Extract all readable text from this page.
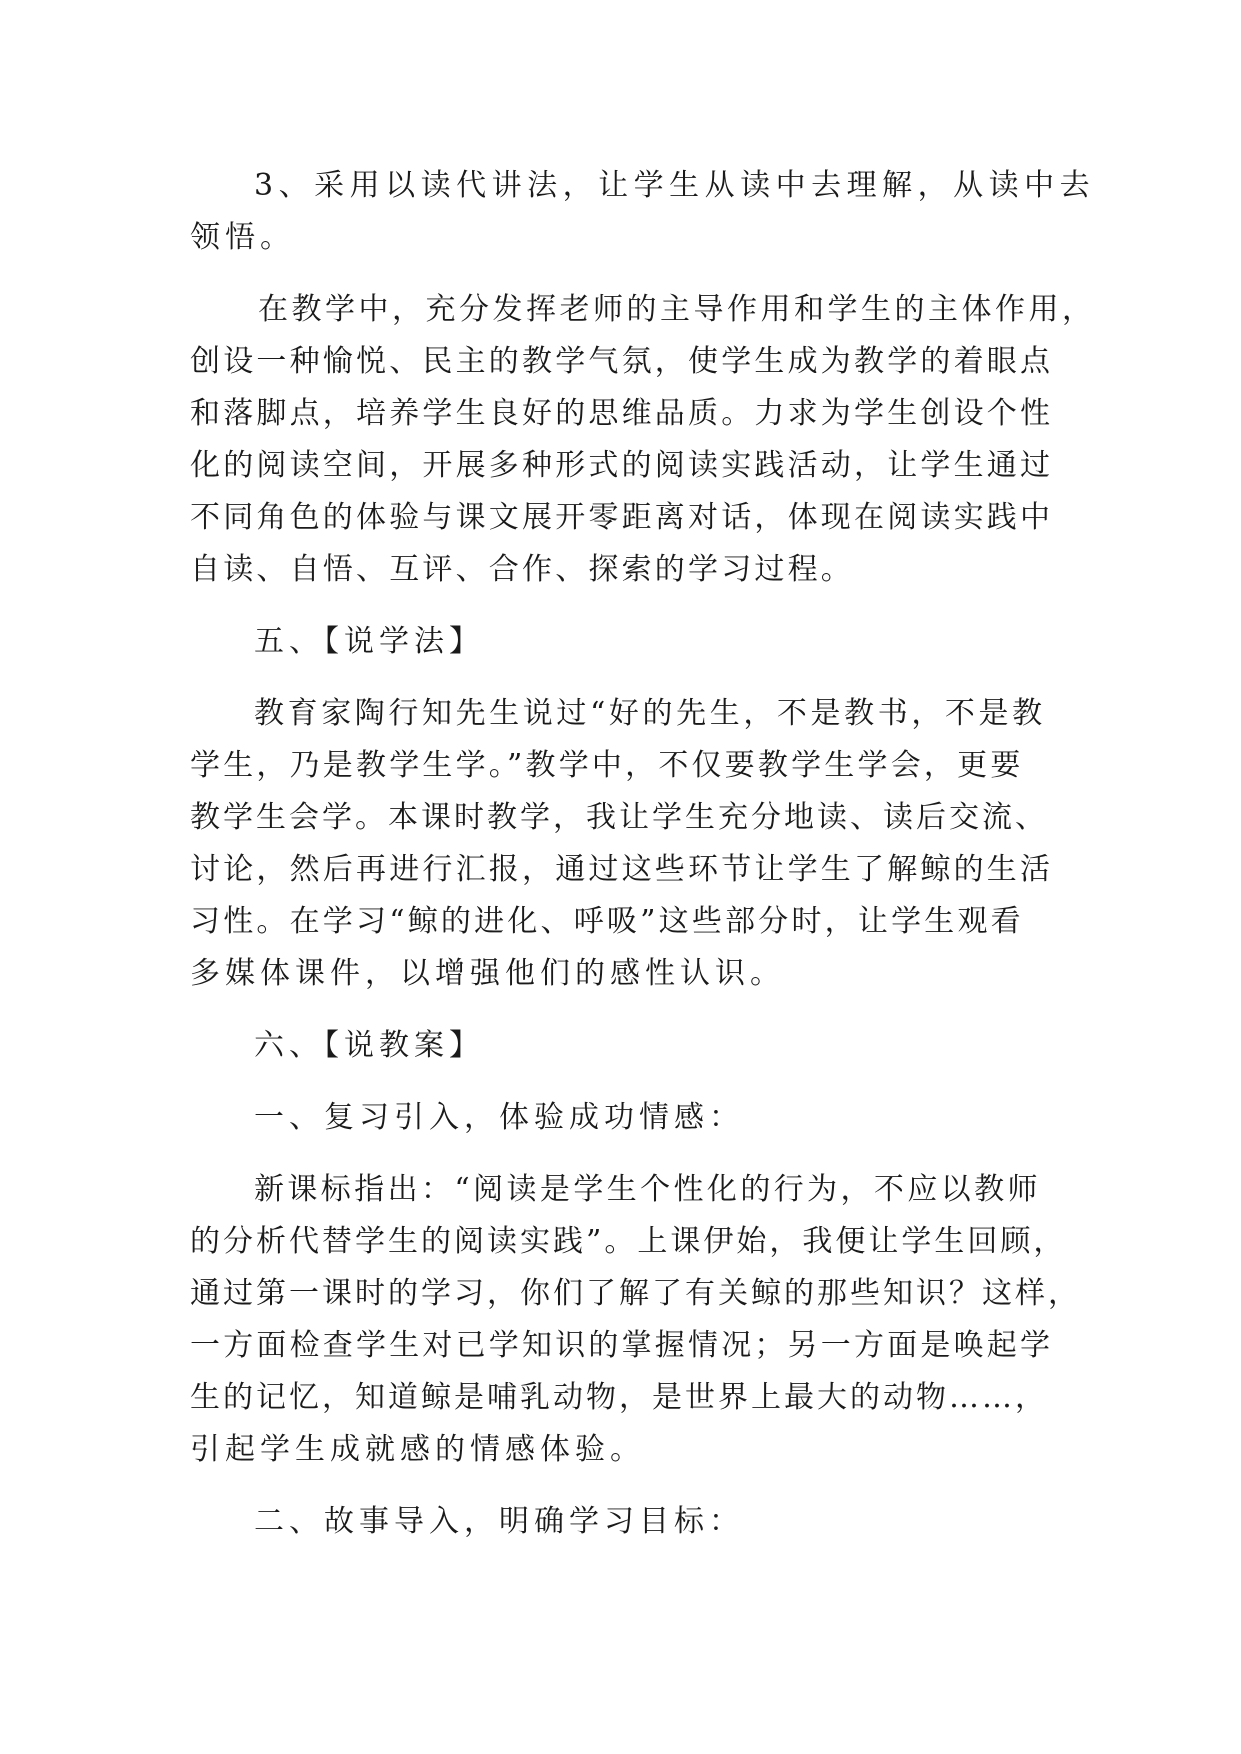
3、采用以读代讲法，让学生从读中去理解，从读中去

领悟。

在教学中，充分发挥老师的主导作用和学生的主体作用，

创设一种愉悦、民主的教学气氛，使学生成为教学的着眼点

和落脚点，培养学生良好的思维品质。力求为学生创设个性

化的阅读空间，开展多种形式的阅读实践活动，让学生通过

不同角色的体验与课文展开零距离对话，体现在阅读实践中

自读、自悟、互评、合作、探索的学习过程。

五、【说学法】

教育家陶行知先生说过“好的先生，不是教书，不是教

学生，乃是教学生学。”教学中，不仅要教学生学会，更要

教学生会学。本课时教学，我让学生充分地读、读后交流、

讨论，然后再进行汇报，通过这些环节让学生了解鲸的生活

习性。在学习“鲸的进化、呼吸”这些部分时，让学生观看

多媒体课件，以增强他们的感性认识。

六、【说教案】

一、复习引入，体验成功情感：

新课标指出：“阅读是学生个性化的行为，不应以教师

的分析代替学生的阅读实践”。上课伊始，我便让学生回顾，

通过第一课时的学习，你们了解了有关鲸的那些知识？这样，

一方面检查学生对已学知识的掌握情况；另一方面是唤起学

生的记忆，知道鲸是哺乳动物，是世界上最大的动物……，

引起学生成就感的情感体验。

二、故事导入，明确学习目标：
